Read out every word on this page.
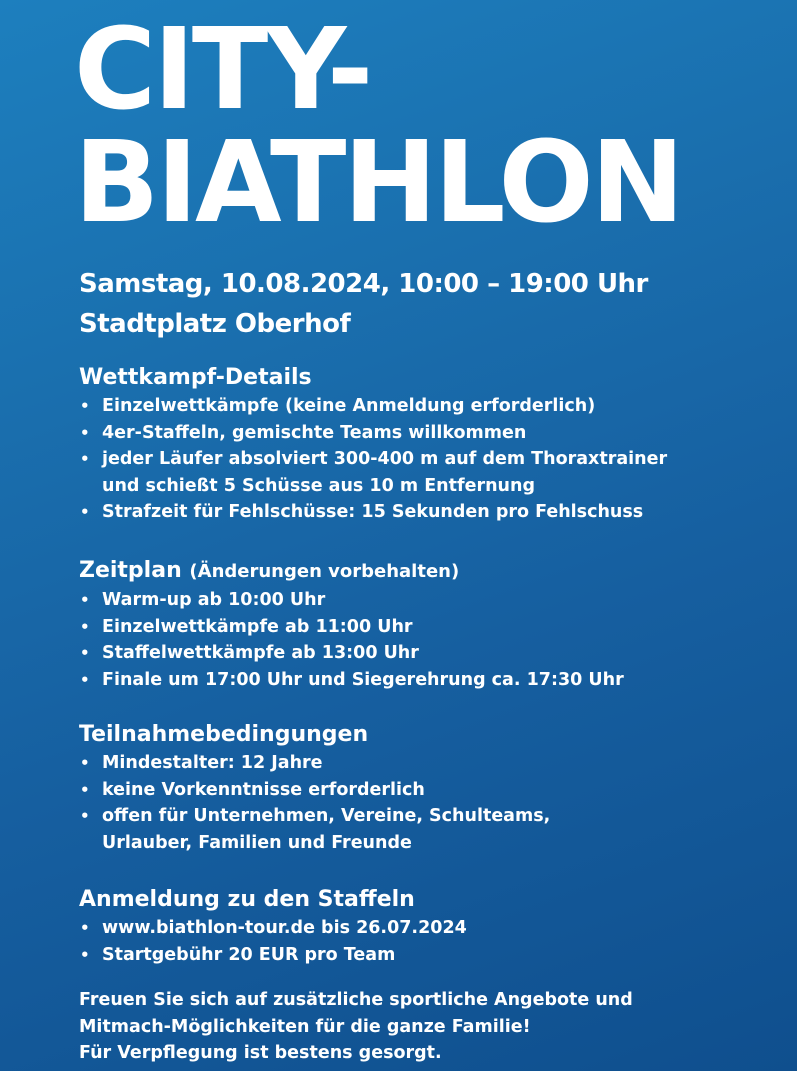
CITY-
BIATHLON
Samstag, 10.08.2024, 10:00 – 19:00 Uhr
Stadtplatz Oberhof
Wettkampf-Details
• Einzelwettkämpfe (keine Anmeldung erforderlich)
• 4er-Staffeln, gemischte Teams willkommen
• jeder Läufer absolviert 300-400 m auf dem Thoraxtrainer
und schießt 5 Schüsse aus 10 m Entfernung
• Strafzeit für Fehlschüsse: 15 Sekunden pro Fehlschuss
Zeitplan (Änderungen vorbehalten)
• Warm-up ab 10:00 Uhr
• Einzelwettkämpfe ab 11:00 Uhr
• Staffelwettkämpfe ab 13:00 Uhr
• Finale um 17:00 Uhr und Siegerehrung ca. 17:30 Uhr
Teilnahmebedingungen
• Mindestalter: 12 Jahre
• keine Vorkenntnisse erforderlich
• offen für Unternehmen, Vereine, Schulteams,
Urlauber, Familien und Freunde
Anmeldung zu den Staffeln
• www.biathlon-tour.de bis 26.07.2024
• Startgebühr 20 EUR pro Team
Freuen Sie sich auf zusätzliche sportliche Angebote und
Mitmach-Möglichkeiten für die ganze Familie!
Für Verpflegung ist bestens gesorgt.
